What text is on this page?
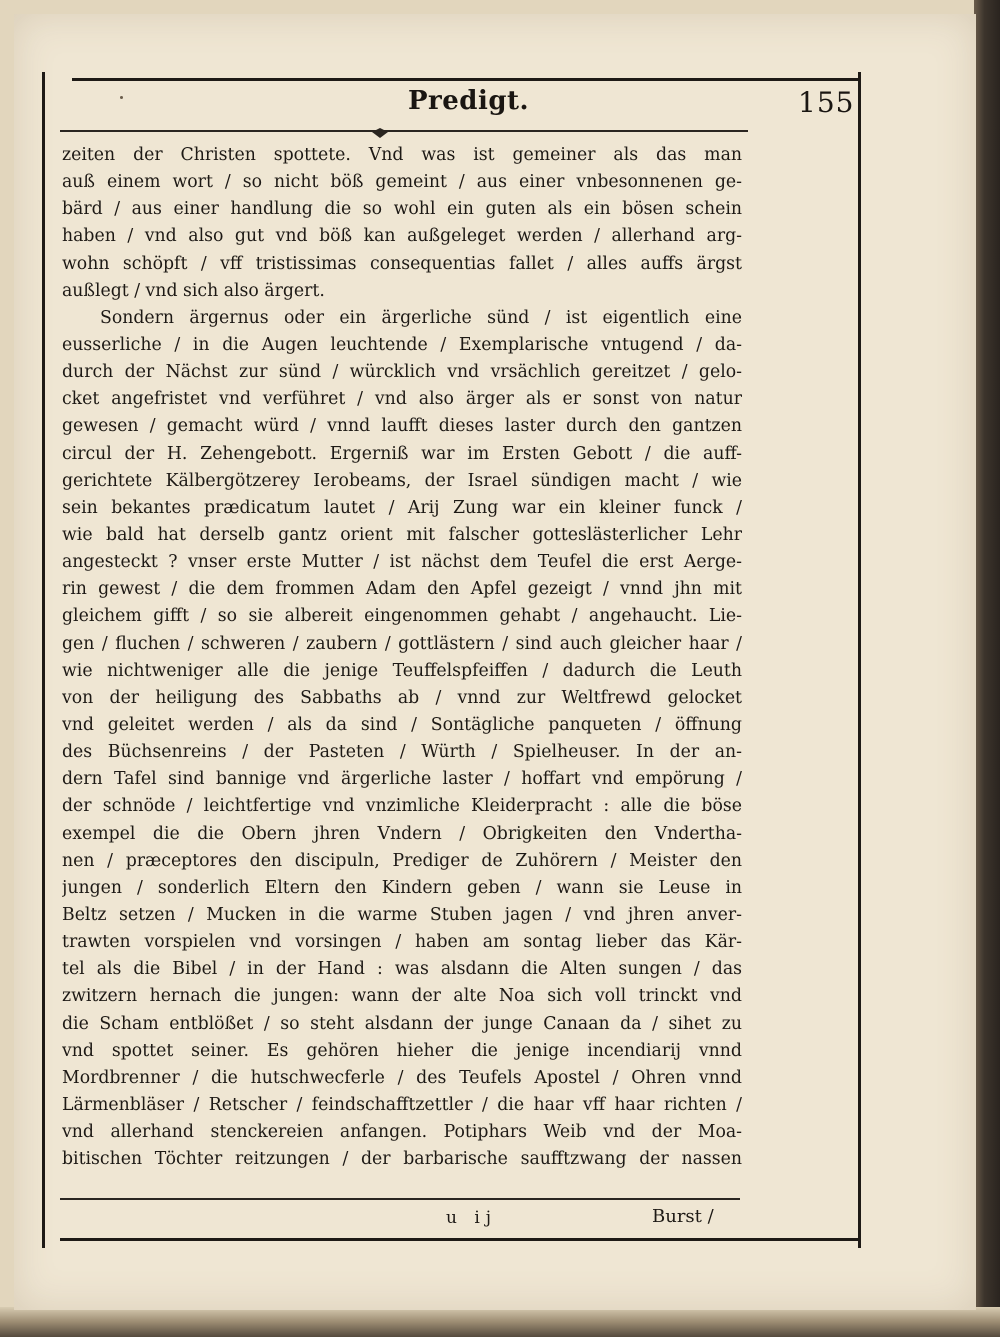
Predigt.	155
zeiten der Christen spottete. Vnd was ist gemeiner als das man
auß einem wort / so nicht böß gemeint / aus einer vnbesonnenen ge-
bärd / aus einer handlung die so wohl ein guten als ein bösen schein
haben / vnd also gut vnd böß kan außgeleget werden / allerhand arg-
wohn schöpft / vff tristissimas consequentias fallet / alles auffs ärgst
außlegt / vnd sich also ärgert.
Sondern ärgernus oder ein ärgerliche sünd / ist eigentlich eine
eusserliche / in die Augen leuchtende / Exemplarische vntugend / da-
durch der Nächst zur sünd / würcklich vnd vrsächlich gereitzet / gelo-
cket angefristet vnd verführet / vnd also ärger als er sonst von natur
gewesen / gemacht würd / vnnd laufft dieses laster durch den gantzen
circul der H. Zehengebott. Ergerniß war im Ersten Gebott / die auff-
gerichtete Kälbergötzerey Ierobeams, der Israel sündigen macht / wie
sein bekantes prædicatum lautet / Arij Zung war ein kleiner funck /
wie bald hat derselb gantz orient mit falscher gotteslästerlicher Lehr
angesteckt ? vnser erste Mutter / ist nächst dem Teufel die erst Aerge-
rin gewest / die dem frommen Adam den Apfel gezeigt / vnnd jhn mit
gleichem gifft / so sie albereit eingenommen gehabt / angehaucht. Lie-
gen / fluchen / schweren / zaubern / gottlästern / sind auch gleicher haar /
wie nichtweniger alle die jenige Teuffelspfeiffen / dadurch die Leuth
von der heiligung des Sabbaths ab / vnnd zur Weltfrewd gelocket
vnd geleitet werden / als da sind / Sontägliche panqueten / öffnung
des Büchsenreins / der Pasteten / Würth / Spielheuser. In der an-
dern Tafel sind bannige vnd ärgerliche laster / hoffart vnd empörung /
der schnöde / leichtfertige vnd vnzimliche Kleiderpracht : alle die böse
exempel die die Obern jhren Vndern / Obrigkeiten den Vndertha-
nen / præceptores den discipuln, Prediger de Zuhörern / Meister den
jungen / sonderlich Eltern den Kindern geben / wann sie Leuse in
Beltz setzen / Mucken in die warme Stuben jagen / vnd jhren anver-
trawten vorspielen vnd vorsingen / haben am sontag lieber das Kär-
tel als die Bibel / in der Hand : was alsdann die Alten sungen / das
zwitzern hernach die jungen: wann der alte Noa sich voll trinckt vnd
die Scham entblößet / so steht alsdann der junge Canaan da / sihet zu
vnd spottet seiner. Es gehören hieher die jenige incendiarij vnnd
Mordbrenner / die hutschwecferle / des Teufels Apostel / Ohren vnnd
Lärmenbläser / Retscher / feindschafftzettler / die haar vff haar richten /
vnd allerhand stenckereien anfangen. Potiphars Weib vnd der Moa-
bitischen Töchter reitzungen / der barbarische saufftzwang der nassen
u ij	Burst /
